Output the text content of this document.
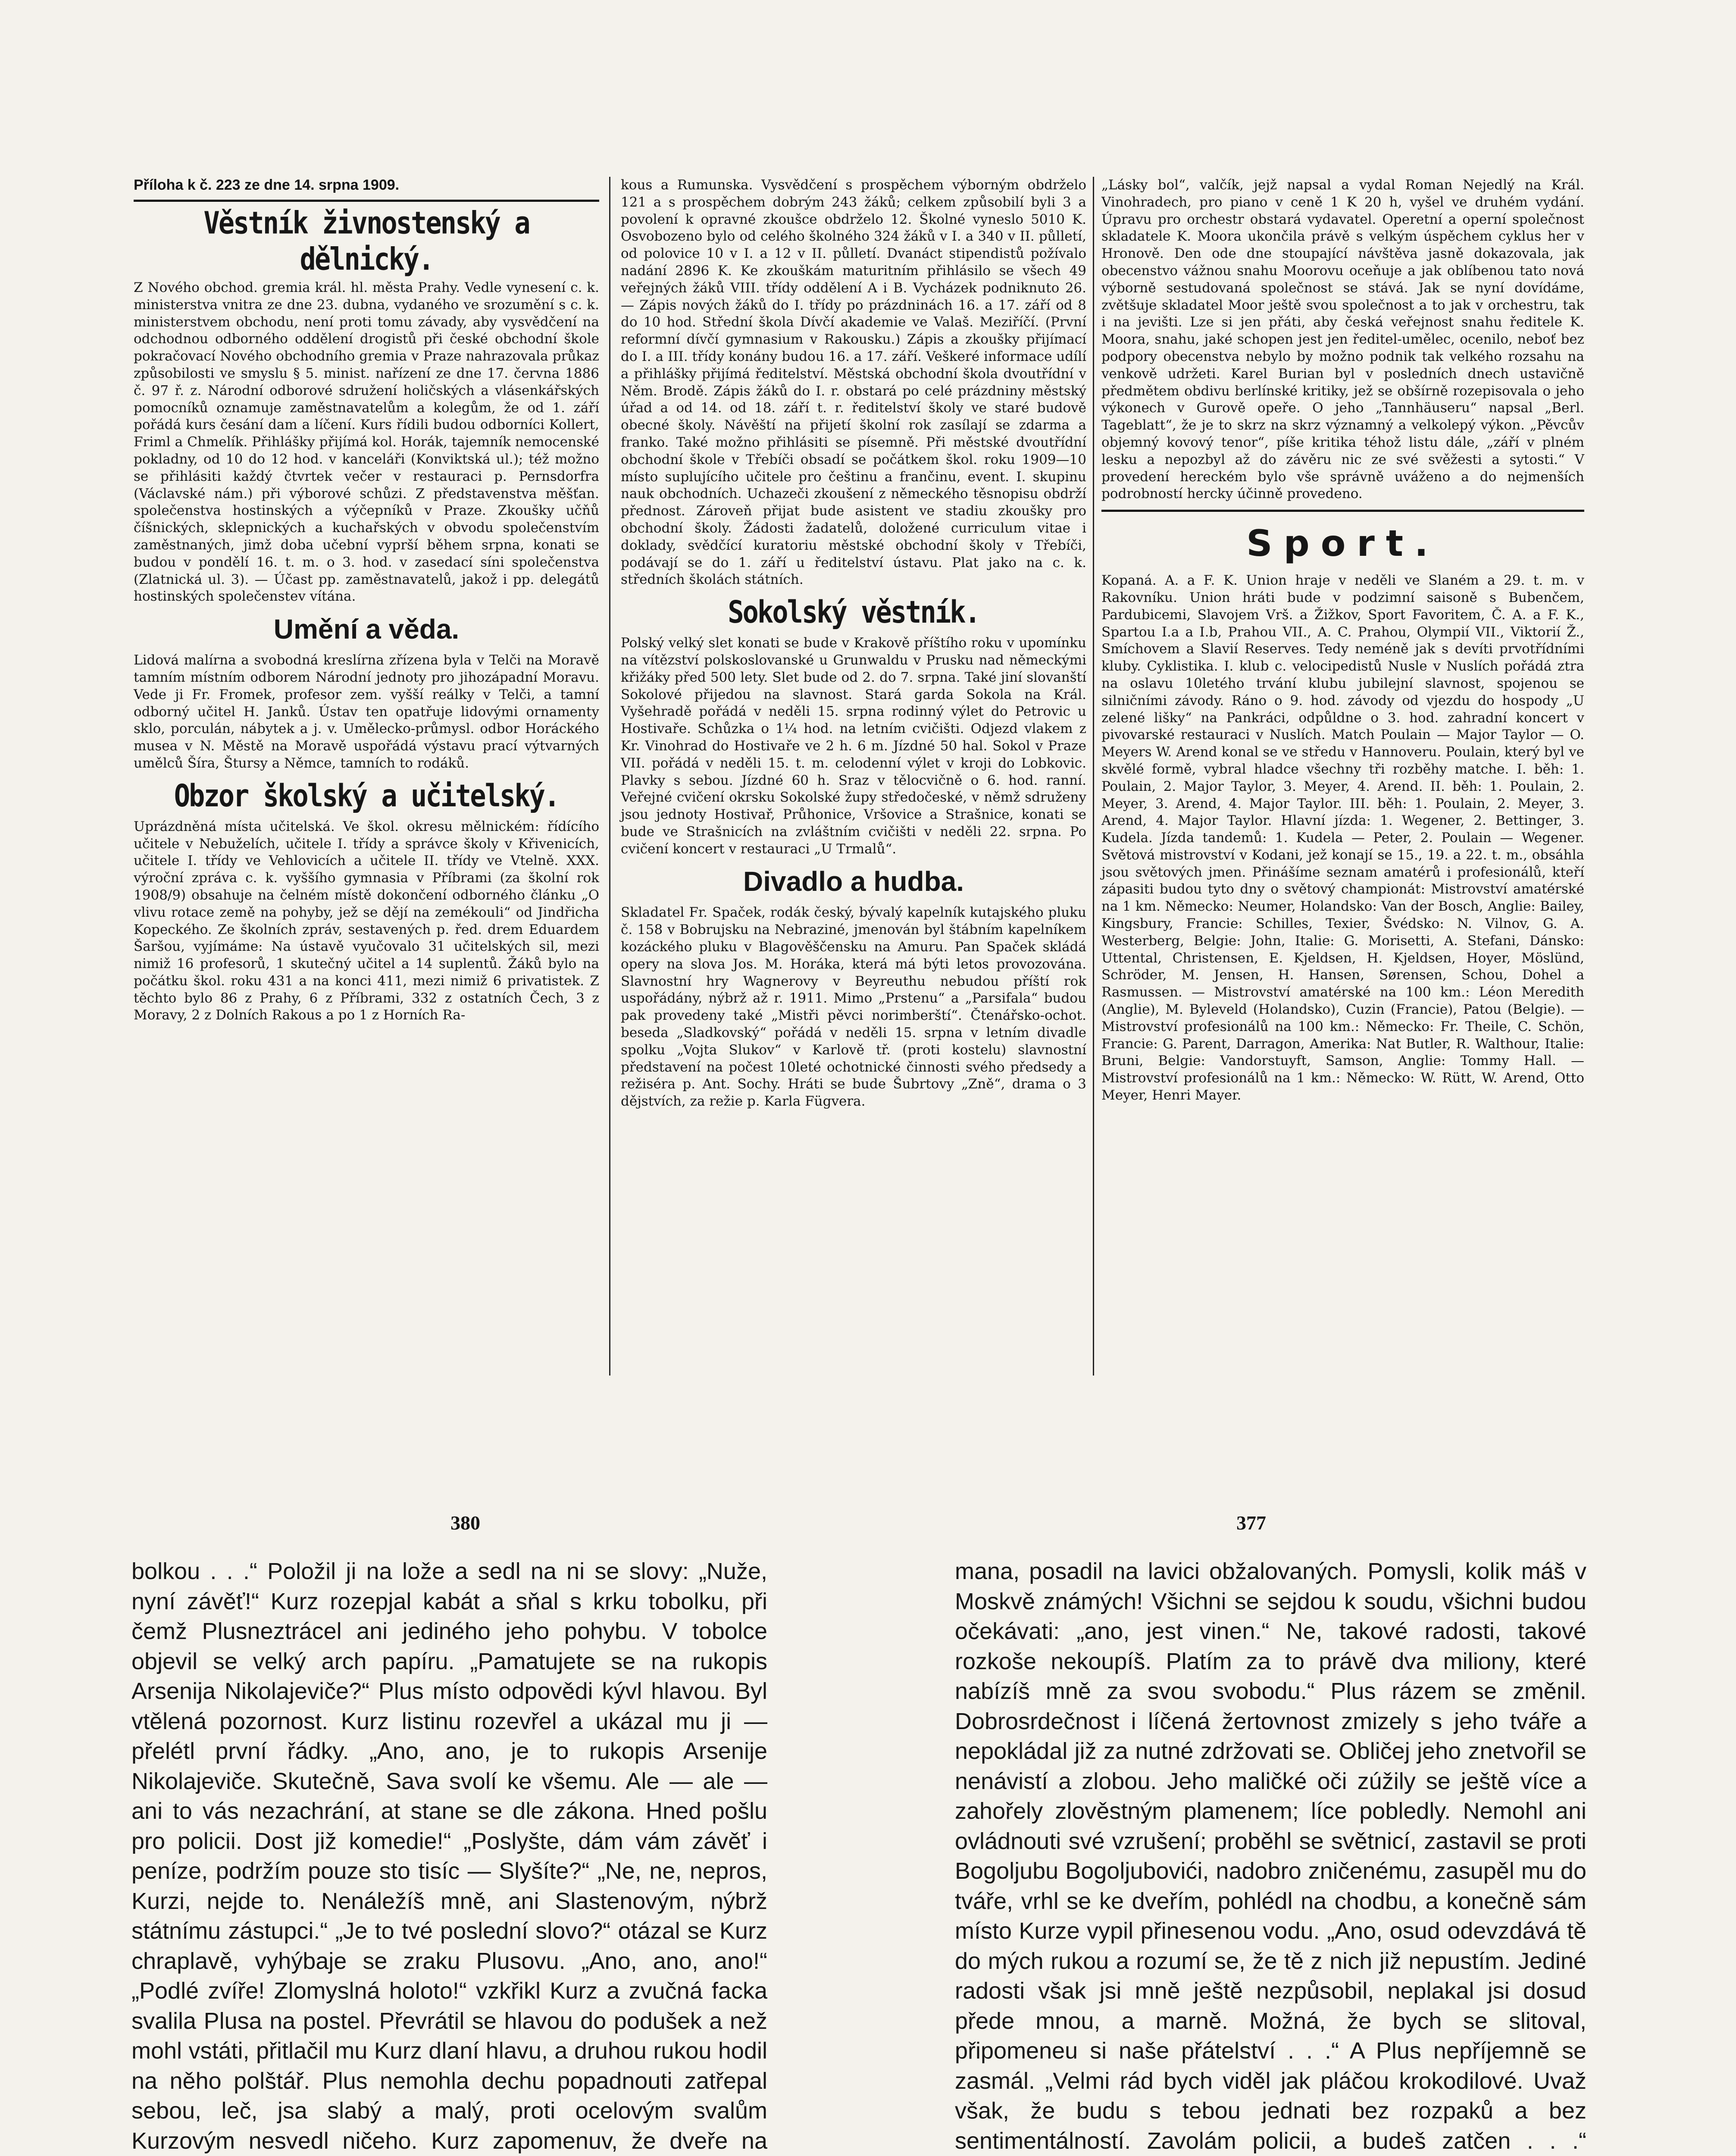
Příloha k č. 223 ze dne 14. srpna 1909.
Věstník živnostenský a dělnický.

Z Nového obchod. gremia král. hl. města Prahy. Vedle vynesení c. k. ministerstva vnitra ze dne 23. dubna, vydaného ve srozumění s c. k. ministerstvem obchodu, není proti tomu závady, aby vysvědčení na odchodnou odborného oddělení drogistů při české obchodní škole pokračovací Nového obchodního gremia v Praze nahrazovala průkaz způsobilosti ve smyslu § 5. minist. nařízení ze dne 17. června 1886 č. 97 ř. z. Národní odborové sdružení holičských a vlásenkářských pomocníků oznamuje zaměstnavatelům a kolegům, že od 1. září pořádá kurs česání dam a líčení. Kurs řídili budou odborníci Kollert, Friml a Chmelík. Přihlášky přijímá kol. Horák, tajemník nemocenské pokladny, od 10 do 12 hod. v kanceláři (Konviktská ul.); též možno se přihlásiti každý čtvrtek večer v restauraci p. Pernsdorfra (Václavské nám.) při výborové schůzi. Z představenstva měšťan. společenstva hostinských a výčepníků v Praze. Zkoušky učňů číšnických, sklepnických a kuchařských v obvodu společenstvím zaměstnaných, jimž doba učební vyprší během srpna, konati se budou v pondělí 16. t. m. o 3. hod. v zasedací síni společenstva (Zlatnická ul. 3). — Účast pp. zaměstnavatelů, jakož i pp. delegátů hostinských společenstev vítána.

Umění a věda.

Lidová malírna a svobodná kreslírna zřízena byla v Telči na Moravě tamním místním odborem Národní jednoty pro jihozápadní Moravu. Vede ji Fr. Fromek, profesor zem. vyšší reálky v Telči, a tamní odborný učitel H. Janků. Ústav ten opatřuje lidovými ornamenty sklo, porculán, nábytek a j. v. Umělecko-průmysl. odbor Horáckého musea v N. Městě na Moravě uspořádá výstavu prací výtvarných umělců Šíra, Štursy a Němce, tamních to rodáků.

Obzor školský a učitelský.

Uprázdněná místa učitelská. Ve škol. okresu mělnickém: řídícího učitele v Nebuželích, učitele I. třídy a správce školy v Křivenicích, učitele I. třídy ve Vehlovicích a učitele II. třídy ve Vtelně. XXX. výroční zpráva c. k. vyššího gymnasia v Příbrami (za školní rok 1908/9) obsahuje na čelném místě dokončení odborného článku „O vlivu rotace země na pohyby, jež se dějí na zemékouli“ od Jindřicha Kopeckého. Ze školních zpráv, sestavených p. řed. drem Eduardem Šaršou, vyjímáme: Na ústavě vyučovalo 31 učitelských sil, mezi nimiž 16 profesorů, 1 skutečný učitel a 14 suplentů. Žáků bylo na počátku škol. roku 431 a na konci 411, mezi nimiž 6 privatistek. Z těchto bylo 86 z Prahy, 6 z Příbrami, 332 z ostatních Čech, 3 z Moravy, 2 z Dolních Rakous a po 1 z Horních Ra-

kous a Rumunska. Vysvědčení s prospěchem výborným obdrželo 121 a s prospěchem dobrým 243 žáků; celkem způsobilí byli 3 a povolení k opravné zkoušce obdrželo 12. Školné vyneslo 5010 K. Osvobozeno bylo od celého školného 324 žáků v I. a 340 v II. půlletí, od polovice 10 v I. a 12 v II. půlletí. Dvanáct stipendistů požívalo nadání 2896 K. Ke zkouškám maturitním přihlásilo se všech 49 veřejných žáků VIII. třídy oddělení A i B. Vycházek podniknuto 26. — Zápis nových žáků do I. třídy po prázdninách 16. a 17. září od 8 do 10 hod. Střední škola Dívčí akademie ve Valaš. Meziříčí. (První reformní dívčí gymnasium v Rakousku.) Zápis a zkoušky přijímací do I. a III. třídy konány budou 16. a 17. září. Veškeré informace udílí a přihlášky přijímá ředitelství. Městská obchodní škola dvoutřídní v Něm. Brodě. Zápis žáků do I. r. obstará po celé prázdniny městský úřad a od 14. od 18. září t. r. ředitelství školy ve staré budově obecné školy. Návěští na přijetí školní rok zasílají se zdarma a franko. Také možno přihlásiti se písemně. Při městské dvoutřídní obchodní škole v Třebíči obsadí se počátkem škol. roku 1909—10 místo suplujícího učitele pro češtinu a frančinu, event. I. skupinu nauk obchodních. Uchazeči zkoušení z německého těsnopisu obdrží přednost. Zároveň přijat bude asistent ve stadiu zkoušky pro obchodní školy. Žádosti žadatelů, doložené curriculum vitae i doklady, svědčící kuratoriu městské obchodní školy v Třebíči, podávají se do 1. září u ředitelství ústavu. Plat jako na c. k. středních školách státních.

Sokolský věstník.

Polský velký slet konati se bude v Krakově příštího roku v upomínku na vítězství polskoslovanské u Grunwaldu v Prusku nad německými křižáky před 500 lety. Slet bude od 2. do 7. srpna. Také jiní slovanští Sokolové přijedou na slavnost. Stará garda Sokola na Král. Vyšehradě pořádá v neděli 15. srpna rodinný výlet do Petrovic u Hostivaře. Schůzka o 1¼ hod. na letním cvičišti. Odjezd vlakem z Kr. Vinohrad do Hostivaře ve 2 h. 6 m. Jízdné 50 hal. Sokol v Praze VII. pořádá v neděli 15. t. m. celodenní výlet v kroji do Lobkovic. Plavky s sebou. Jízdné 60 h. Sraz v tělocvičně o 6. hod. ranní. Veřejné cvičení okrsku Sokolské župy středočeské, v němž sdruženy jsou jednoty Hostivař, Průhonice, Vršovice a Strašnice, konati se bude ve Strašnicích na zvláštním cvičišti v neděli 22. srpna. Po cvičení koncert v restauraci „U Trmalů“.

Divadlo a hudba.

Skladatel Fr. Spaček, rodák český, bývalý kapelník kutajského pluku č. 158 v Bobrujsku na Nebraziné, jmenován byl štábním kapelníkem kozáckého pluku v Blagověščensku na Amuru. Pan Spaček skládá opery na slova Jos. M. Horáka, která má býti letos provozována. Slavnostní hry Wagnerovy v Beyreuthu nebudou příští rok uspořádány, nýbrž až r. 1911. Mimo „Prstenu“ a „Parsifala“ budou pak provedeny také „Mistři pěvci norimberští“. Čtenářsko-ochot. beseda „Sladkovský“ pořádá v neděli 15. srpna v letním divadle spolku „Vojta Slukov“ v Karlově tř. (proti kostelu) slavnostní představení na počest 10leté ochotnické činnosti svého předsedy a režiséra p. Ant. Sochy. Hráti se bude Šubrtovy „Zně“, drama o 3 dějstvích, za režie p. Karla Fügvera.

„Lásky bol“, valčík, jejž napsal a vydal Roman Nejedlý na Král. Vinohradech, pro piano v ceně 1 K 20 h, vyšel ve druhém vydání. Úpravu pro orchestr obstará vydavatel. Operetní a operní společnost skladatele K. Moora ukončila právě s velkým úspěchem cyklus her v Hronově. Den ode dne stoupající návštěva jasně dokazovala, jak obecenstvo vážnou snahu Moorovu oceňuje a jak oblíbenou tato nová výborně sestudovaná společnost se stává. Jak se nyní dovídáme, zvětšuje skladatel Moor ještě svou společnost a to jak v orchestru, tak i na jevišti. Lze si jen přáti, aby česká veřejnost snahu ředitele K. Moora, snahu, jaké schopen jest jen ředitel-umělec, ocenilo, neboť bez podpory obecenstva nebylo by možno podnik tak velkého rozsahu na venkově udržeti. Karel Burian byl v posledních dnech ustavičně předmětem obdivu berlínské kritiky, jež se obšírně rozepisovala o jeho výkonech v Gurově opeře. O jeho „Tannhäuseru“ napsal „Berl. Tageblatt“, že je to skrz na skrz významný a velkolepý výkon. „Pěvcův objemný kovový tenor“, píše kritika téhož listu dále, „září v plném lesku a nepozbyl až do závěru nic ze své svěžesti a sytosti.“ V provedení hereckém bylo vše správně uváženo a do nejmenších podrobností hercky účinně provedeno.

Sport.

Kopaná. A. a F. K. Union hraje v neděli ve Slaném a 29. t. m. v Rakovníku. Union hráti bude v podzimní saisoně s Bubenčem, Pardubicemi, Slavojem Vrš. a Žižkov, Sport Favoritem, Č. A. a F. K., Spartou I.a a I.b, Prahou VII., A. C. Prahou, Olympií VII., Viktorií Ž., Smíchovem a Slavií Reserves. Tedy neméně jak s devíti prvotřídními kluby. Cyklistika. I. klub c. velocipedistů Nusle v Nuslích pořádá ztra na oslavu 10letého trvání klubu jubilejní slavnost, spojenou se silničními závody. Ráno o 9. hod. závody od vjezdu do hospody „U zelené lišky“ na Pankráci, odpůldne o 3. hod. zahradní koncert v pivovarské restauraci v Nuslích. Match Poulain — Major Taylor — O. Meyers W. Arend konal se ve středu v Hannoveru. Poulain, který byl ve skvělé formě, vybral hladce všechny tři rozběhy matche. I. běh: 1. Poulain, 2. Major Taylor, 3. Meyer, 4. Arend. II. běh: 1. Poulain, 2. Meyer, 3. Arend, 4. Major Taylor. III. běh: 1. Poulain, 2. Meyer, 3. Arend, 4. Major Taylor. Hlavní jízda: 1. Wegener, 2. Bettinger, 3. Kudela. Jízda tandemů: 1. Kudela — Peter, 2. Poulain — Wegener. Světová mistrovství v Kodani, jež konají se 15., 19. a 22. t. m., obsáhla jsou světových jmen. Přinášíme seznam amatérů i profesionálů, kteří zápasiti budou tyto dny o světový championát: Mistrovství amatérské na 1 km. Německo: Neumer, Holandsko: Van der Bosch, Anglie: Bailey, Kingsbury, Francie: Schilles, Texier, Švédsko: N. Vilnov, G. A. Westerberg, Belgie: John, Italie: G. Morisetti, A. Stefani, Dánsko: Uttental, Christensen, E. Kjeldsen, H. Kjeldsen, Hoyer, Möslünd, Schröder, M. Jensen, H. Hansen, Sørensen, Schou, Dohel a Rasmussen. — Mistrovství amatérské na 100 km.: Léon Meredith (Anglie), M. Byleveld (Holandsko), Cuzin (Francie), Patou (Belgie). — Mistrovství profesionálů na 100 km.: Německo: Fr. Theile, C. Schön, Francie: G. Parent, Darragon, Amerika: Nat Butler, R. Walthour, Italie: Bruni, Belgie: Vandorstuyft, Samson, Anglie: Tommy Hall. — Mistrovství profesionálů na 1 km.: Německo: W. Rütt, W. Arend, Otto Meyer, Henri Mayer.

380	377

bolkou . . .“ Položil ji na lože a sedl na ni se slovy: „Nuže, nyní závěť!“ Kurz rozepjal kabát a sňal s krku tobolku, při čemž Plusneztrácel ani jediného jeho pohybu. V tobolce objevil se velký arch papíru. „Pamatujete se na rukopis Arsenija Nikolajeviče?“ Plus místo odpovědi kývl hlavou. Byl vtělená pozornost. Kurz listinu rozevřel a ukázal mu ji — přelétl první řádky. „Ano, ano, je to rukopis Arsenije Nikolajeviče. Skutečně, Sava svolí ke všemu. Ale — ale — ani to vás nezachrání, at stane se dle zákona. Hned pošlu pro policii. Dost již komedie!“ „Poslyšte, dám vám závěť i peníze, podržím pouze sto tisíc — Slyšíte?“ „Ne, ne, nepros, Kurzi, nejde to. Nenáležíš mně, ani Slastenovým, nýbrž státnímu zástupci.“ „Je to tvé poslední slovo?“ otázal se Kurz chraplavě, vyhýbaje se zraku Plusovu. „Ano, ano, ano!“ „Podlé zvíře! Zlomyslná holoto!“ vzkřikl Kurz a zvučná facka svalila Plusa na postel. Převrátil se hlavou do podušek a než mohl vstáti, přitlačil mu Kurz dlaní hlavu, a druhou rukou hodil na něho polštář. Plus nemohla dechu popadnouti zatřepal sebou, leč, jsa slabý a malý, proti ocelovým svalům Kurzovým nesvedl ničeho. Kurz zapomenuv, že dveře na

mana, posadil na lavici obžalovaných. Pomysli, kolik máš v Moskvě známých! Všichni se sejdou k soudu, všichni budou očekávati: „ano, jest vinen.“ Ne, takové radosti, takové rozkoše nekoupíš. Platím za to právě dva miliony, které nabízíš mně za svou svobodu.“ Plus rázem se změnil. Dobrosrdečnost i líčená žertovnost zmizely s jeho tváře a nepokládal již za nutné zdržovati se. Obličej jeho znetvořil se nenávistí a zlobou. Jeho maličké oči zúžily se ještě více a zahořely zlověstným plamenem; líce pobledly. Nemohl ani ovládnouti své vzrušení; proběhl se světnicí, zastavil se proti Bogoljubu Bogoljubovići, nadobro zničenému, zasupěl mu do tváře, vrhl se ke dveřím, pohlédl na chodbu, a konečně sám místo Kurze vypil přinesenou vodu. „Ano, osud odevzdává tě do mých rukou a rozumí se, že tě z nich již nepustím. Jediné radosti však jsi mně ještě nezpůsobil, neplakal jsi dosud přede mnou, a marně. Možná, že bych se slitoval, připomeneu si naše přátelství . . .“ A Plus nepříjemně se zasmál. „Velmi rád bych viděl jak pláčou krokodilové. Uvaž však, že budu s tebou jednati bez rozpaků a bez sentimentálností. Zavolám policii, a budeš zatčen . . .“
